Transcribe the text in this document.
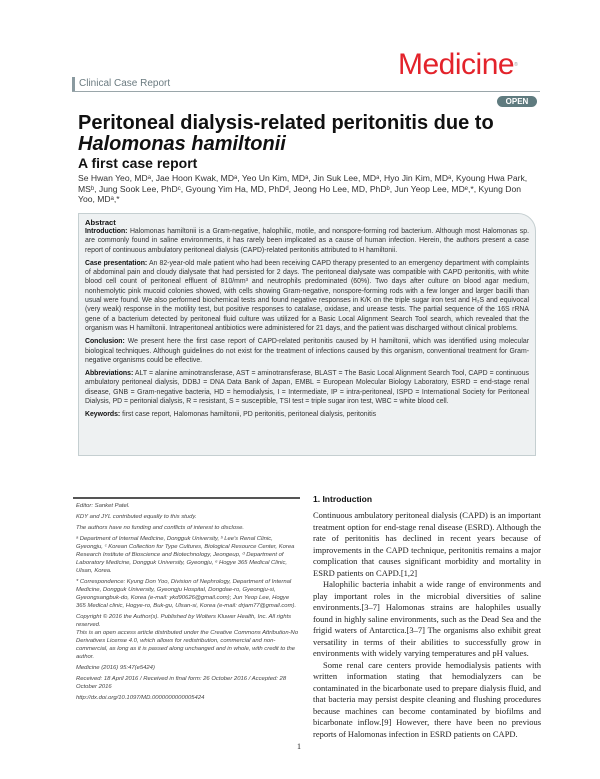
Clinical Case Report
Medicine®
OPEN
Peritoneal dialysis-related peritonitis due to
Halomonas hamiltonii
A first case report
Se Hwan Yeo, MDᵃ, Jae Hoon Kwak, MDᵃ, Yeo Un Kim, MDᵃ, Jin Suk Lee, MDᵃ, Hyo Jin Kim, MDᵃ, Kyoung Hwa Park, MSᵇ, Jung Sook Lee, PhDᶜ, Gyoung Yim Ha, MD, PhDᵈ, Jeong Ho Lee, MD, PhDᵇ, Jun Yeop Lee, MDᵉ,*, Kyung Don Yoo, MDᵃ,*
Abstract

Introduction: Halomonas hamiltonii is a Gram-negative, halophilic, motile, and nonspore-forming rod bacterium. Although most Halomonas sp. are commonly found in saline environments, it has rarely been implicated as a cause of human infection. Herein, the authors present a case report of continuous ambulatory peritoneal dialysis (CAPD)-related peritonitis attributed to H hamiltonii.

Case presentation: An 82-year-old male patient who had been receiving CAPD therapy presented to an emergency department with complaints of abdominal pain and cloudy dialysate that had persisted for 2 days. The peritoneal dialysate was compatible with CAPD peritonitis, with white blood cell count of peritoneal effluent of 810/mm³ and neutrophils predominated (60%). Two days after culture on blood agar medium, nonhemolytic pink mucoid colonies showed, with cells showing Gram-negative, nonspore-forming rods with a few longer and larger bacilli than usual were found. We also performed biochemical tests and found negative responses in K/K on the triple sugar iron test and H₂S and equivocal (very weak) response in the motility test, but positive responses to catalase, oxidase, and urease tests. The partial sequence of the 16S rRNA gene of a bacterium detected by peritoneal fluid culture was utilized for a Basic Local Alignment Search Tool search, which revealed that the organism was H hamiltonii. Intraperitoneal antibiotics were administered for 21 days, and the patient was discharged without clinical problems.

Conclusion: We present here the first case report of CAPD-related peritonitis caused by H hamiltonii, which was identified using molecular biological techniques. Although guidelines do not exist for the treatment of infections caused by this organism, conventional treatment for Gram-negative organisms could be effective.

Abbreviations: ALT = alanine aminotransferase, AST = aminotransferase, BLAST = The Basic Local Alignment Search Tool, CAPD = continuous ambulatory peritoneal dialysis, DDBJ = DNA Data Bank of Japan, EMBL = European Molecular Biology Laboratory, ESRD = end-stage renal disease, GNB = Gram-negative bacteria, HD = hemodialysis, I = Intermediate, IP = intra-peritoneal, ISPD = International Society for Peritoneal Dialysis, PD = peritonial dialysis, R = resistant, S = susceptible, TSI test = triple sugar iron test, WBC = white blood cell.

Keywords: first case report, Halomonas hamiltonii, PD peritonitis, peritoneal dialysis, peritonitis

Editor: Sanket Patel.

KDY and JYL contributed equally to this study.

The authors have no funding and conflicts of interest to disclose.

ᵃ Department of Internal Medicine, Dongguk University, ᵇ Lee's Renal Clinic, Gyeongju, ᶜ Korean Collection for Type Cultures, Biological Resource Center, Korea Research Institute of Bioscience and Biotechnology, Jeongeup, ᵈ Department of Laboratory Medicine, Dongguk University, Gyeongju, ᵉ Hogye 365 Medical Clinic, Ulsan, Korea.

* Correspondence: Kyung Don Yoo, Division of Nephrology, Department of Internal Medicine, Dongguk University, Gyeongju Hospital, Dongdae-ro, Gyeongju-si, Gyeongsangbuk-do, Korea (e-mail: ykd90626@gmail.com); Jun Yeop Lee, Hogye 365 Medical clinic, Hogye-ro, Buk-gu, Ulsan-si, Korea (e-mail: drjam77@gmail.com).

Copyright © 2016 the Author(s). Published by Wolters Kluwer Health, Inc. All rights reserved.
This is an open access article distributed under the Creative Commons Attribution-No Derivatives License 4.0, which allows for redistribution, commercial and non-commercial, as long as it is passed along unchanged and in whole, with credit to the author.

Medicine (2016) 95:47(e5424)

Received: 18 April 2016 / Received in final form: 26 October 2016 / Accepted: 28 October 2016

http://dx.doi.org/10.1097/MD.0000000000005424

1. Introduction

Continuous ambulatory peritoneal dialysis (CAPD) is an important treatment option for end-stage renal disease (ESRD). Although the rate of peritonitis has declined in recent years because of improvements in the CAPD technique, peritonitis remains a major complication that causes significant morbidity and mortality in ESRD patients on CAPD.[1,2]

Halophilic bacteria inhabit a wide range of environments and play important roles in the microbial diversities of saline environments.[3–7] Halomonas strains are halophiles usually found in highly saline environments, such as the Dead Sea and the frigid waters of Antarctica.[3–7] The organisms also exhibit great versatility in terms of their abilities to successfully grow in environments with widely varying temperatures and pH values.

Some renal care centers provide hemodialysis patients with written information stating that hemodialyzers can be contaminated in the bicarbonate used to prepare dialysis fluid, and that bacteria may persist despite cleaning and flushing procedures because machines can become contaminated by biofilms and bicarbonate inflow.[9] However, there have been no previous reports of Halomonas infection in ESRD patients on CAPD.

1
